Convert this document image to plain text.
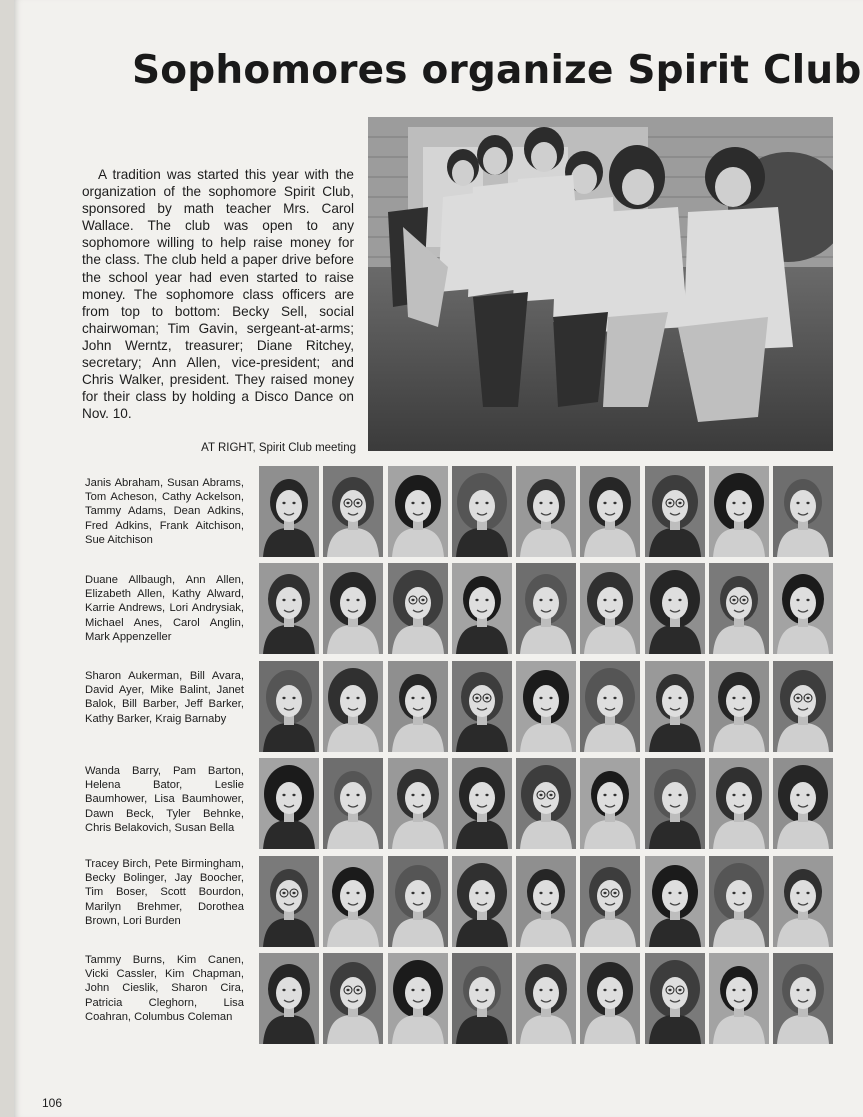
Sophomores organize Spirit Club

A tradition was started this year with the organization of the sophomore Spirit Club, sponsored by math teacher Mrs. Carol Wallace. The club was open to any sophomore willing to help raise money for the class. The club held a paper drive before the school year had even started to raise money. The sophomore class officers are from top to bottom: Becky Sell, social chairwoman; Tim Gavin, sergeant-at-arms; John Werntz, treasurer; Diane Ritchey, secretary; Ann Allen, vice-president; and Chris Walker, president. They raised money for their class by holding a Disco Dance on Nov. 10.

AT RIGHT, Spirit Club meeting

Janis Abraham, Susan Abrams, Tom Acheson, Cathy Ackelson, Tammy Adams, Dean Adkins, Fred Adkins, Frank Aitchison, Sue Aitchison

Duane Allbaugh, Ann Allen, Elizabeth Allen, Kathy Alward, Karrie Andrews, Lori Andrysiak, Michael Anes, Carol Anglin, Mark Appenzeller

Sharon Aukerman, Bill Avara, David Ayer, Mike Balint, Janet Balok, Bill Barber, Jeff Barker, Kathy Barker, Kraig Barnaby

Wanda Barry, Pam Barton, Helena Bator, Leslie Baumhower, Lisa Baumhower, Dawn Beck, Tyler Behnke, Chris Belakovich, Susan Bella

Tracey Birch, Pete Birmingham, Becky Bolinger, Jay Boocher, Tim Boser, Scott Bourdon, Marilyn Brehmer, Dorothea Brown, Lori Burden

Tammy Burns, Kim Canen, Vicki Cassler, Kim Chapman, John Cieslik, Sharon Cira, Patricia Cleghorn, Lisa Coahran, Columbus Coleman

106
